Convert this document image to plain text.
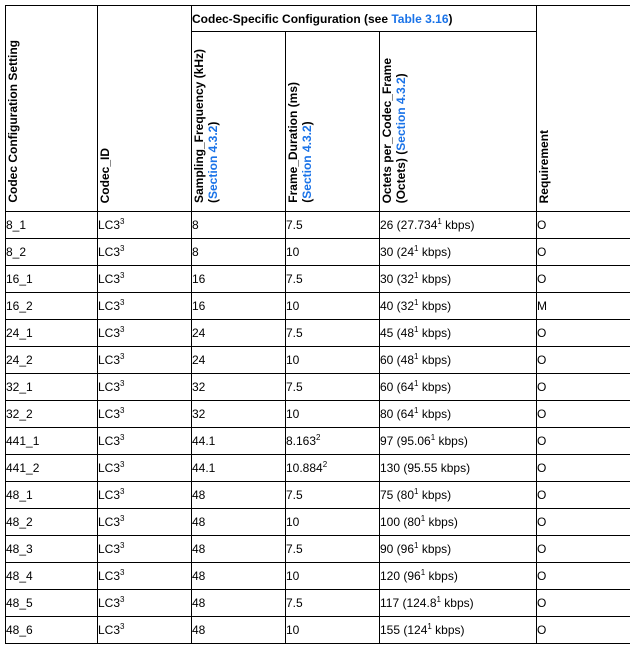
Codec Configuration Setting	Codec_ID	Codec-Specific Configuration (see Table 3.16)			Requirement

		Sampling_Frequency (kHz) (Section 4.3.2)	Frame_Duration (ms) (Section 4.3.2)	Octets per_Codec_Frame (Octets) (Section 4.3.2)	

8_1	$LC3^3$	8	7.5	26 (27.734$^1$ kbps)	O
8_2	$LC3^3$	8	10	30 ($24^1$ kbps)	O
16_1	$LC3^3$	16	7.5	30 ($32^1$ kbps)	O
16_2	$LC3^3$	16	10	40 ($32^1$ kbps)	M
24_1	$LC3^3$	24	7.5	45 ($48^1$ kbps)	O
24_2	$LC3^3$	24	10	60 ($48^1$ kbps)	O
32_1	$LC3^3$	32	7.5	60 ($64^1$ kbps)	O
32_2	$LC3^3$	32	10	80 ($64^1$ kbps)	O
441_1	$LC3^3$	44.1	8.163$^2$	97 (95.06$^1$ kbps)	O
441_2	$LC3^3$	44.1	10.884$^2$	130 (95.55 kbps)	O
48_1	$LC3^3$	48	7.5	75 ($80^1$ kbps)	O
48_2	$LC3^3$	48	10	100 ($80^1$ kbps)	O
48_3	$LC3^3$	48	7.5	90 ($96^1$ kbps)	O
48_4	$LC3^3$	48	10	120 ($96^1$ kbps)	O
48_5	$LC3^3$	48	7.5	117 (124.8$^1$ kbps)	O
48_6	$LC3^3$	48	10	155 ($124^1$ kbps)	O
